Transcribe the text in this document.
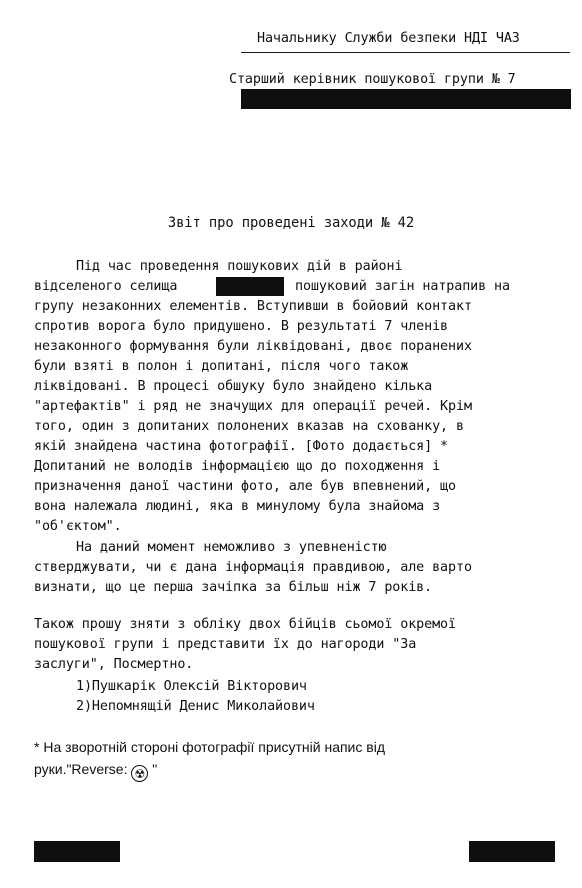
Начальнику Служби безпеки НДІ ЧАЗ
Старший керівник пошукової групи № 7
Звіт про проведені заходи № 42
Під час проведення пошукових дій в районі
відселеного селища	пошуковий загін натрапив на
групу незаконних елементів. Вступивши в бойовий контакт
спротив ворога було придушено. В результаті 7 членів
незаконного формування були ліквідовані, двоє поранених
були взяті в полон і допитані, після чого також
ліквідовані. В процесі обшуку було знайдено кілька
"артефактів" і ряд не значущих для операції речей. Крім
того, один з допитаних полонених вказав на схованку, в
якій знайдена частина фотографії. [Фото додається] *
Допитаний не володів інформацією що до походження і
призначення даної частини фото, але був впевнений, що
вона належала людині, яка в минулому була знайома з
"об'єктом".
На даний момент неможливо з упевненістю
стверджувати, чи є дана інформація правдивою, але варто
визнати, що це перша зачіпка за більш ніж 7 років.
Також прошу зняти з обліку двох бійців сьомої окремої
пошукової групи і представити їх до нагороди "За
заслуги", Посмертно.
1)Пушкарік Олексій Вікторович
2)Непомнящій Денис Миколайович
* На зворотній стороні фотографії присутній напис від
руки."Reverse: ☢ "
